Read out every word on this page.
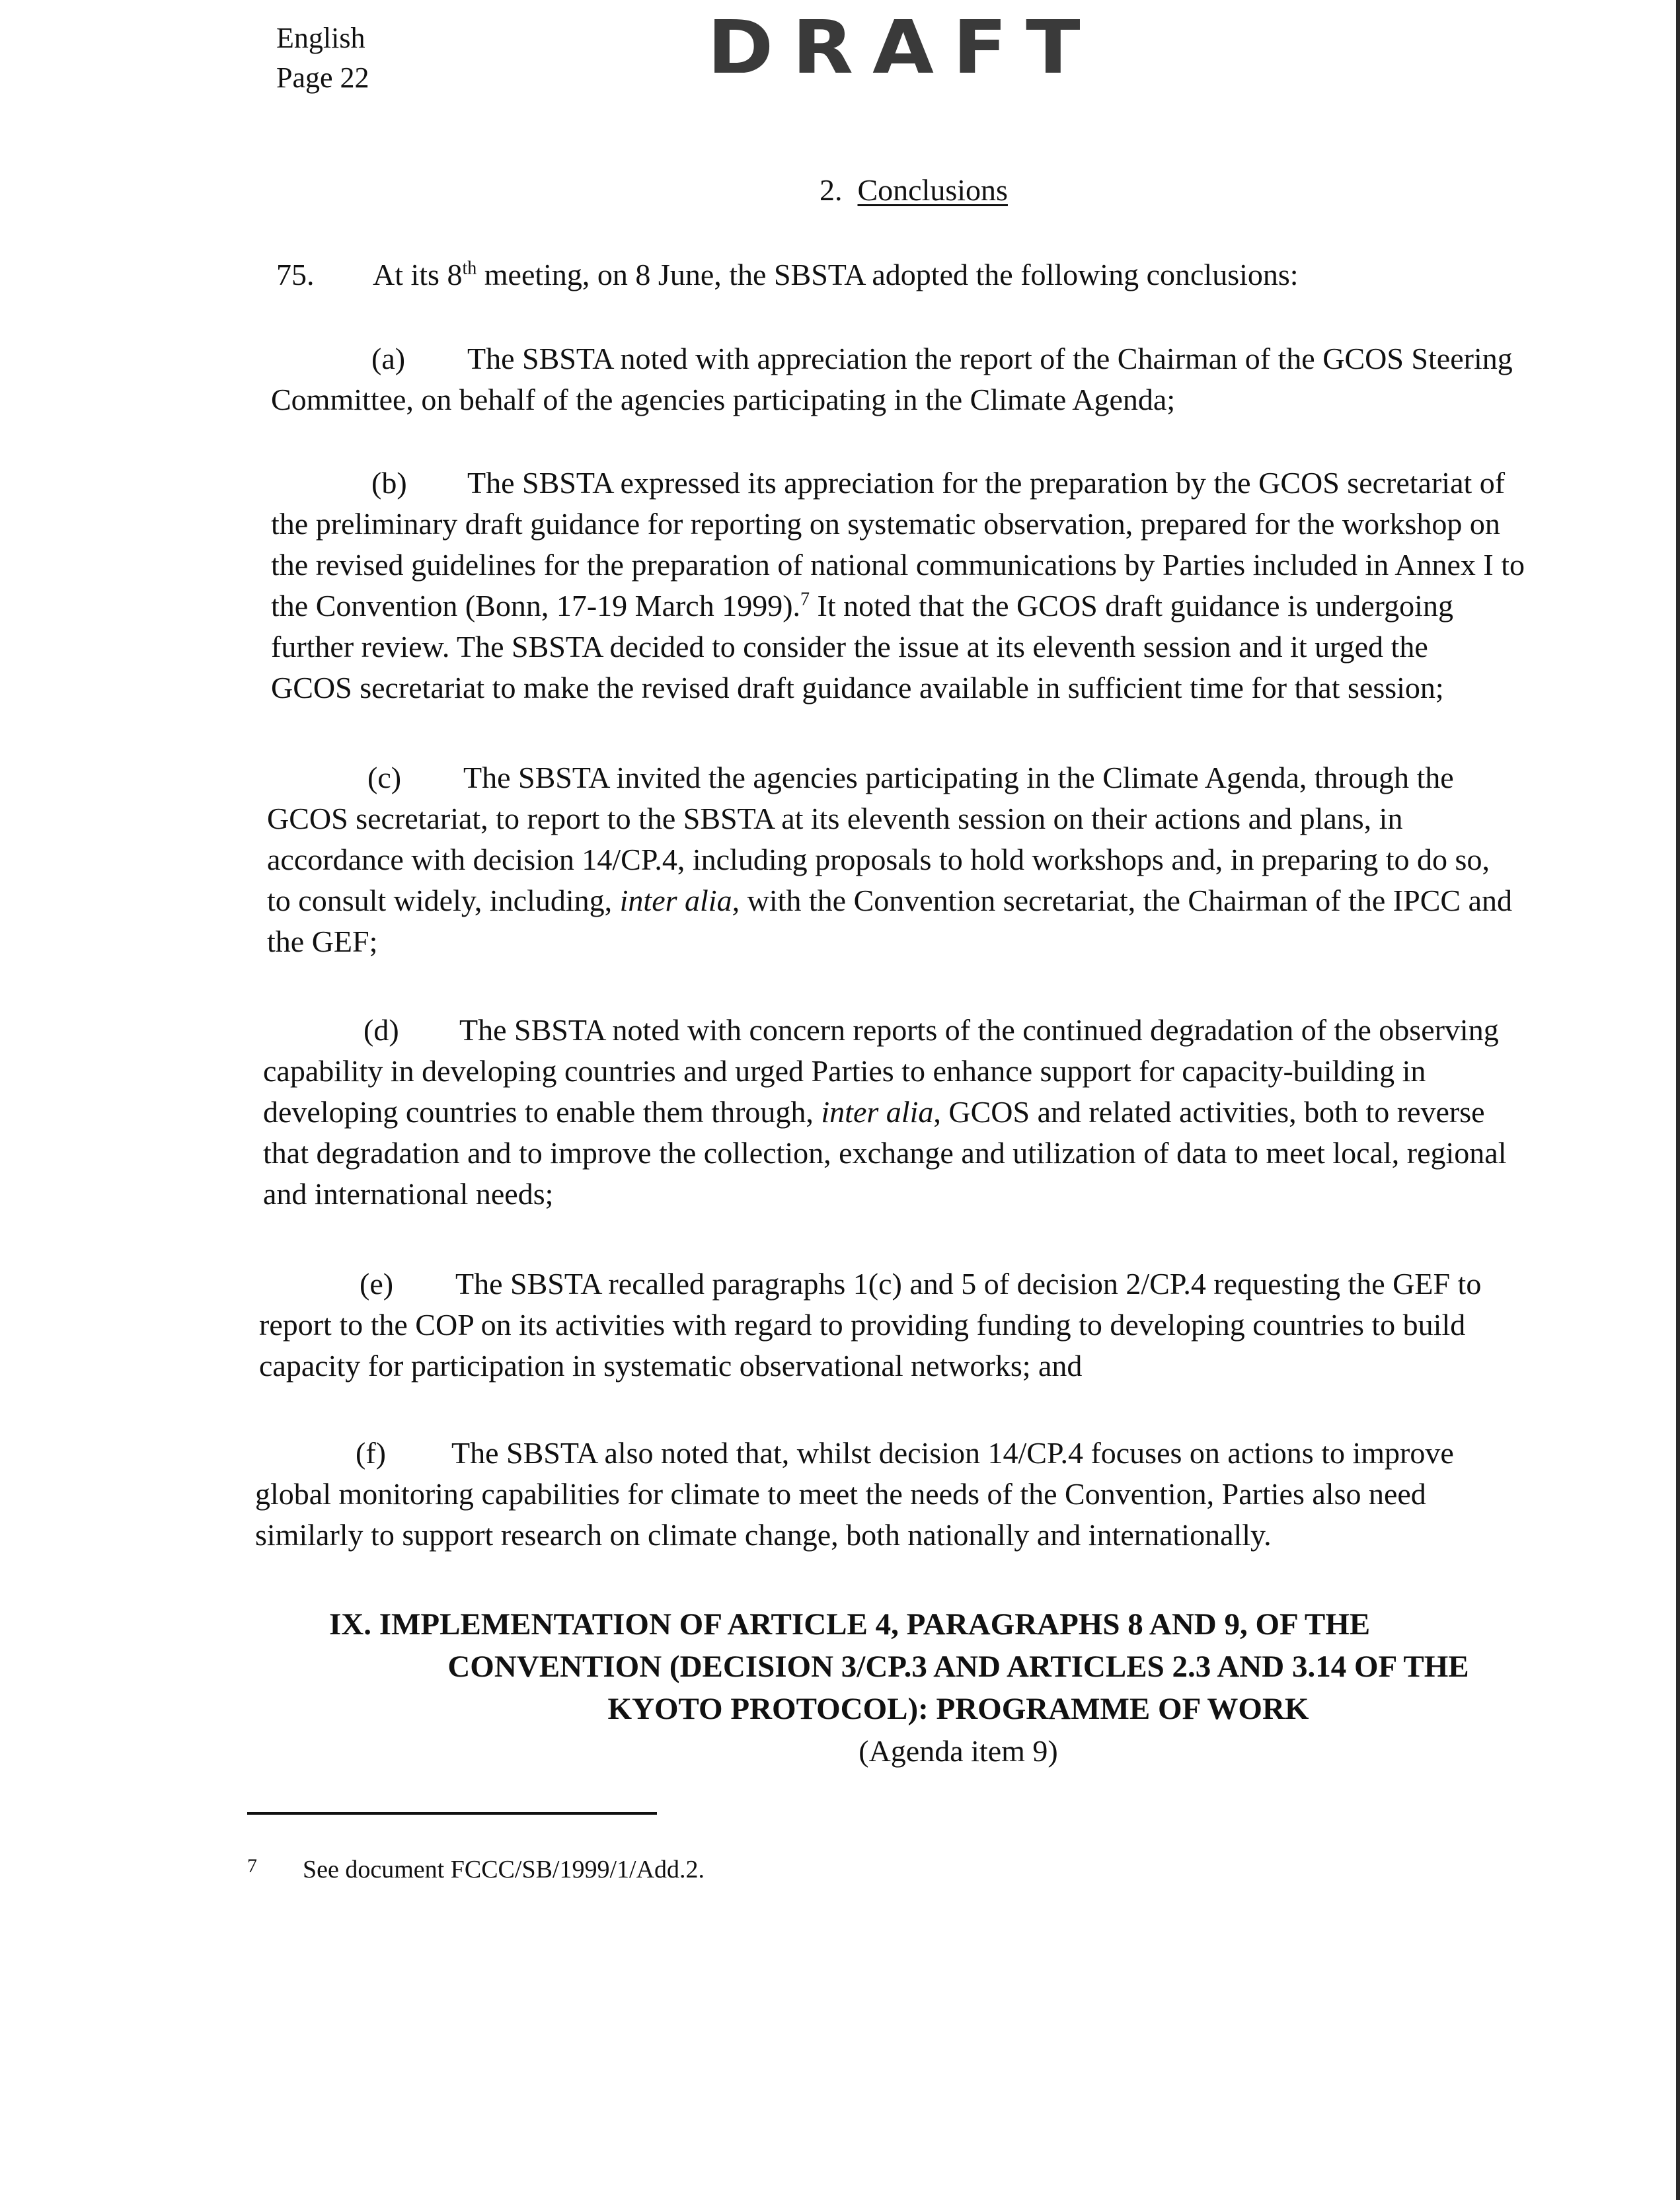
English
Page 22	DRAFT
2. Conclusions
75. At its 8th meeting, on 8 June, the SBSTA adopted the following conclusions:
(a) The SBSTA noted with appreciation the report of the Chairman of the GCOS Steering
Committee, on behalf of the agencies participating in the Climate Agenda;
(b) The SBSTA expressed its appreciation for the preparation by the GCOS secretariat of
the preliminary draft guidance for reporting on systematic observation, prepared for the workshop on
the revised guidelines for the preparation of national communications by Parties included in Annex I to
the Convention (Bonn, 17-19 March 1999).$^7$ It noted that the GCOS draft guidance is undergoing
further review. The SBSTA decided to consider the issue at its eleventh session and it urged the
GCOS secretariat to make the revised draft guidance available in sufficient time for that session;
(c) The SBSTA invited the agencies participating in the Climate Agenda, through the
GCOS secretariat, to report to the SBSTA at its eleventh session on their actions and plans, in
accordance with decision 14/CP.4, including proposals to hold workshops and, in preparing to do so,
to consult widely, including, inter alia, with the Convention secretariat, the Chairman of the IPCC and
the GEF;
(d) The SBSTA noted with concern reports of the continued degradation of the observing
capability in developing countries and urged Parties to enhance support for capacity-building in
developing countries to enable them through, inter alia, GCOS and related activities, both to reverse
that degradation and to improve the collection, exchange and utilization of data to meet local, regional
and international needs;
(e) The SBSTA recalled paragraphs 1(c) and 5 of decision 2/CP.4 requesting the GEF to
report to the COP on its activities with regard to providing funding to developing countries to build
capacity for participation in systematic observational networks; and
(f) The SBSTA also noted that, whilst decision 14/CP.4 focuses on actions to improve
global monitoring capabilities for climate to meet the needs of the Convention, Parties also need
similarly to support research on climate change, both nationally and internationally.
IX. IMPLEMENTATION OF ARTICLE 4, PARAGRAPHS 8 AND 9, OF THE
CONVENTION (DECISION 3/CP.3 AND ARTICLES 2.3 AND 3.14 OF THE
KYOTO PROTOCOL): PROGRAMME OF WORK
(Agenda item 9)
7 See document FCCC/SB/1999/1/Add.2.
